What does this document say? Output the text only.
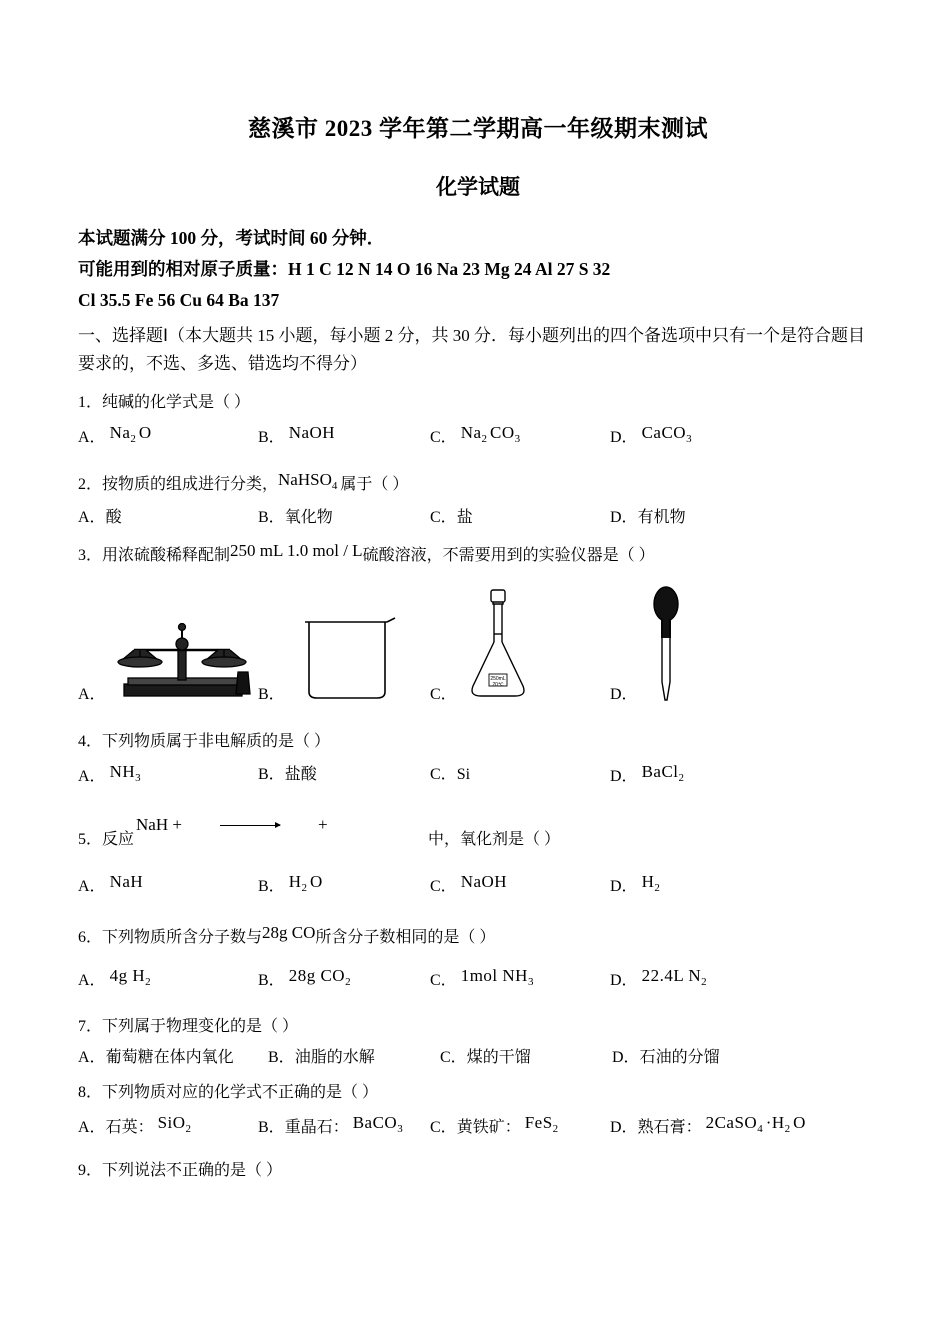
慈溪市 2023 学年第二学期高一年级期末测试
化学试题
本试题满分 100 分，考试时间 60 分钟．
可能用到的相对原子质量：H 1 C 12 N 14 O 16 Na 23 Mg 24 Al 27 S 32
Cl 35.5 Fe 56 Cu 64 Ba 137
一、选择题Ⅰ（本大题共 15 小题，每小题 2 分，共 30 分．每小题列出的四个备选项中只有一个是符合题目要求的，不选、多选、错选均不得分）
1．纯碱的化学式是（ ）
A． $Na_2O$	B． NaOH	C． $Na_2CO_3$	D． CaCO$_3$
2．按物质的组成进行分类，NaHSO$_4$属于（ ）
A．酸	B．氧化物	C．盐	D．有机物
3．用浓硫酸稀释配制250 mL 1.0 mol / L硫酸溶液，不需要用到的实验仪器是（ ）
A．	B．	C．
250mL
20℃
D．
4．下列物质属于非电解质的是（ ）
A． $NH_3$	B．盐酸	C．Si	D． BaCl$_2$
5．反应
NaH +	+
中，氧化剂是（ ）
A． NaH	B． $H_2O$	C． NaOH	D． $H_2$
6．下列物质所含分子数与28g CO所含分子数相同的是（ ）
A． 4g $H_2$	B． 28g $CO_2$	C． 1mol $NH_3$	D． 22.4L $N_2$
7．下列属于物理变化的是（ ）
A．葡萄糖在体内氧化	B．油脂的水解	C．煤的干馏	D．石油的分馏
8．下列物质对应的化学式不正确的是（ ）
A．石英： SiO$_2$	B．重晶石： BaCO$_3$	C．黄铁矿： FeS$_2$	D．熟石膏： $2CaSO_4\cdot H_2O$
9．下列说法不正确的是（ ）
